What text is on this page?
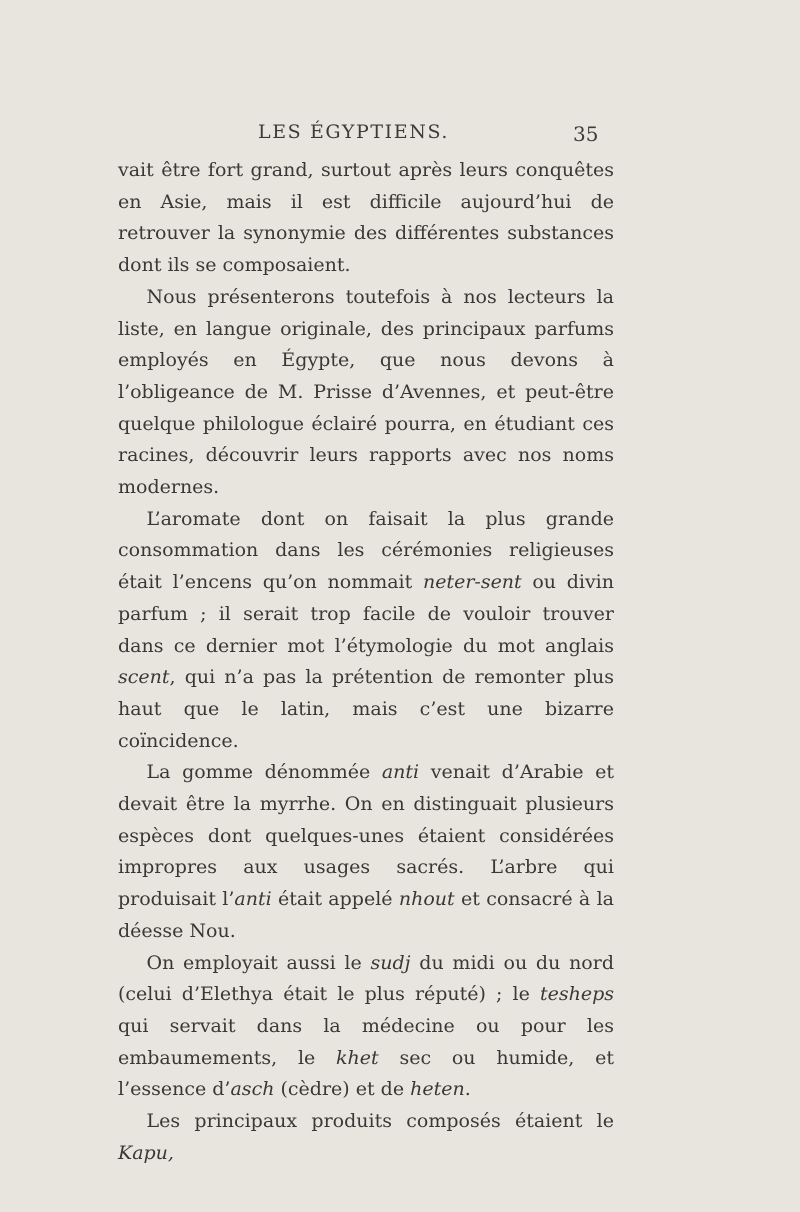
LES ÉGYPTIENS.	35

vait être fort grand, surtout après leurs conquêtes en Asie, mais il est difficile aujourd’hui de retrouver la synonymie des différentes substances dont ils se composaient.

Nous présenterons toutefois à nos lecteurs la liste, en langue originale, des principaux parfums employés en Égypte, que nous devons à l’obligeance de M. Prisse d’Avennes, et peut-être quelque philologue éclairé pourra, en étudiant ces racines, découvrir leurs rapports avec nos noms modernes.

L’aromate dont on faisait la plus grande consommation dans les cérémonies religieuses était l’encens qu’on nommait neter-sent ou divin parfum ; il serait trop facile de vouloir trouver dans ce dernier mot l’étymologie du mot anglais scent, qui n’a pas la prétention de remonter plus haut que le latin, mais c’est une bizarre coïncidence.

La gomme dénommée anti venait d’Arabie et devait être la myrrhe. On en distinguait plusieurs espèces dont quelques-unes étaient considérées impropres aux usages sacrés. L’arbre qui produisait l’anti était appelé nhout et consacré à la déesse Nou.

On employait aussi le sudj du midi ou du nord (celui d’Elethya était le plus réputé) ; le tesheps qui servait dans la médecine ou pour les embaumements, le khet sec ou humide, et l’essence d’asch (cèdre) et de heten.

Les principaux produits composés étaient le Kapu,
